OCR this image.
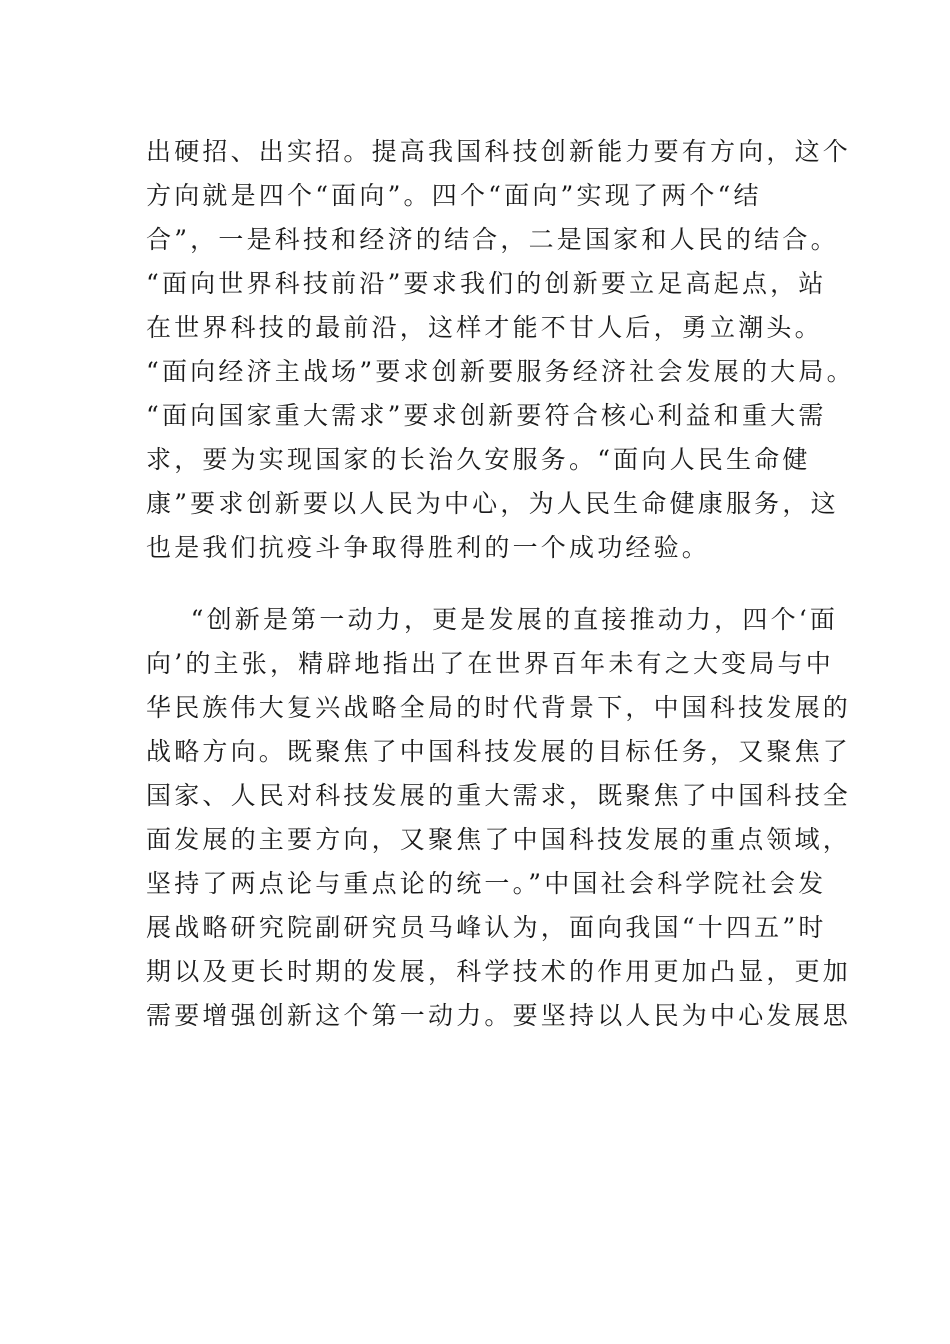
出硬招、出实招。提高我国科技创新能力要有方向，这个
方向就是四个“面向”。四个“面向”实现了两个“结
合”，一是科技和经济的结合，二是国家和人民的结合。
“面向世界科技前沿”要求我们的创新要立足高起点，站
在世界科技的最前沿，这样才能不甘人后，勇立潮头。
“面向经济主战场”要求创新要服务经济社会发展的大局。
“面向国家重大需求”要求创新要符合核心利益和重大需
求，要为实现国家的长治久安服务。“面向人民生命健
康”要求创新要以人民为中心，为人民生命健康服务，这
也是我们抗疫斗争取得胜利的一个成功经验。
“创新是第一动力，更是发展的直接推动力，四个‘面
向’的主张，精辟地指出了在世界百年未有之大变局与中
华民族伟大复兴战略全局的时代背景下，中国科技发展的
战略方向。既聚焦了中国科技发展的目标任务，又聚焦了
国家、人民对科技发展的重大需求，既聚焦了中国科技全
面发展的主要方向，又聚焦了中国科技发展的重点领域，
坚持了两点论与重点论的统一。”中国社会科学院社会发
展战略研究院副研究员马峰认为，面向我国“十四五”时
期以及更长时期的发展，科学技术的作用更加凸显，更加
需要增强创新这个第一动力。要坚持以人民为中心发展思
